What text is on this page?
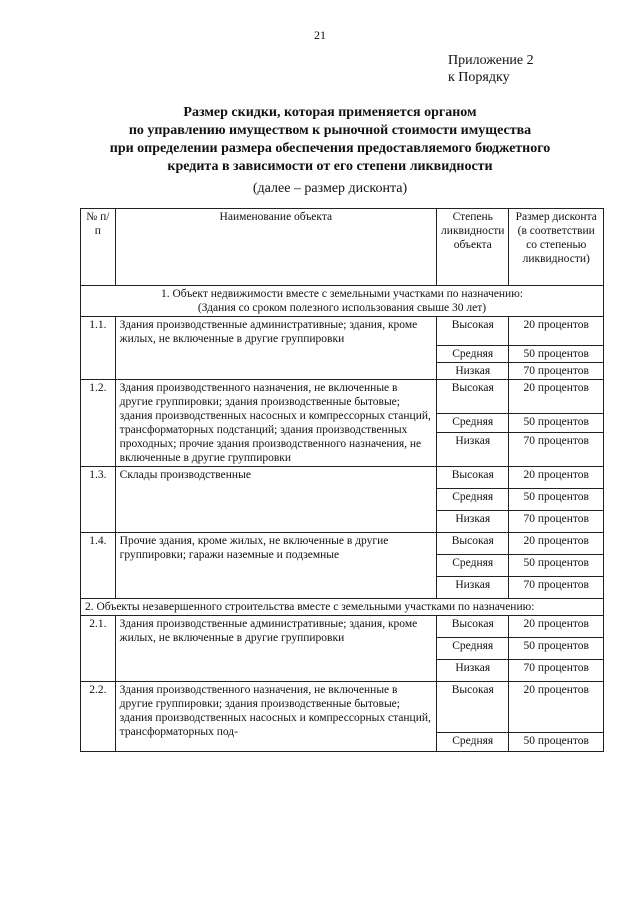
21
Приложение 2
к Порядку
Размер скидки, которая применяется органом
по управлению имуществом к рыночной стоимости имущества
при определении размера обеспечения предоставляемого бюджетного
кредита в зависимости от его степени ликвидности
(далее – размер дисконта)
№ п/п	Наименование объекта	Степень ликвидности объекта	Размер дисконта (в соответствии со степенью ликвидности)

1. Объект недвижимости вместе с земельными участками по назначению:
(Здания со сроком полезного использования свыше 30 лет)			

1.1.	Здания производственные административные; здания, кроме жилых, не включенные в другие группировки	Высокая	20 процентов
		Средняя	50 процентов
		Низкая	70 процентов
1.2.	Здания производственного назначения, не включенные в другие группировки; здания производственные бытовые; здания производственных насосных и компрессорных станций, трансформаторных подстанций; здания производственных проходных; прочие здания производственного назначения, не включенные в другие группировки	Высокая	20 процентов
		Средняя	50 процентов
		Низкая	70 процентов
1.3.	Склады производственные	Высокая	20 процентов
		Средняя	50 процентов
		Низкая	70 процентов
1.4.	Прочие здания, кроме жилых, не включенные в другие группировки; гаражи наземные и подземные	Высокая	20 процентов
		Средняя	50 процентов
		Низкая	70 процентов
2. Объекты незавершенного строительства вместе с земельными участками по назначению:			
2.1.	Здания производственные административные; здания, кроме жилых, не включенные в другие группировки	Высокая	20 процентов
		Средняя	50 процентов
		Низкая	70 процентов
2.2.	Здания производственного назначения, не включенные в другие группировки; здания производственные бытовые; здания производственных насосных и компрессорных станций, трансформаторных под-	Высокая	20 процентов
		Средняя	50 процентов
